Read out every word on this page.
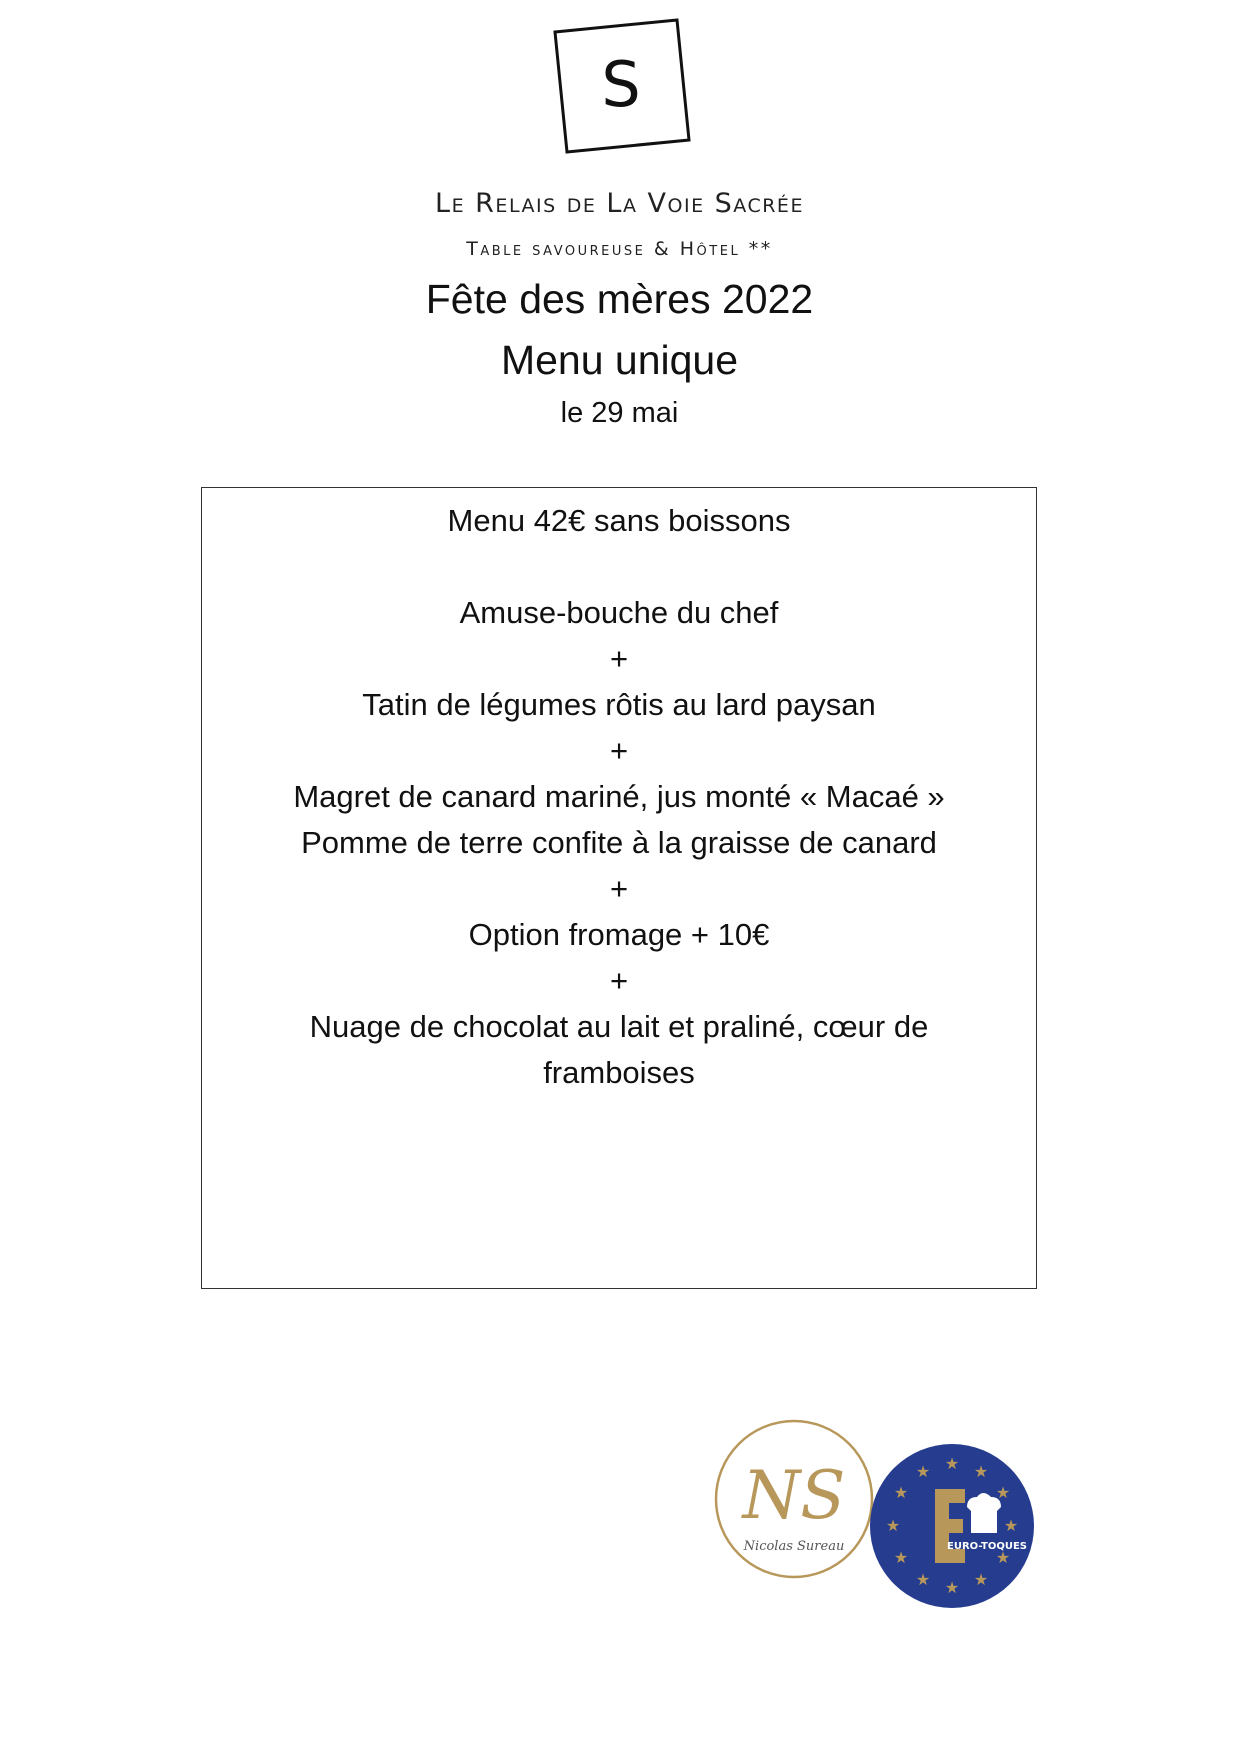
S
Le Relais de La Voie Sacrée
Table savoureuse & Hôtel **
Fête des mères 2022
Menu unique
le 29 mai
Menu 42€ sans boissons
Amuse-bouche du chef
+
Tatin de légumes rôtis au lard paysan
+
Magret de canard mariné, jus monté « Macaé »
Pomme de terre confite à la graisse de canard
+
Option fromage + 10€
+
Nuage de chocolat au lait et praliné, cœur de framboises
NS
Nicolas Sureau
★ ★
★
★
★
★
★
★
★
★
★
★
EURO-TOQUES
